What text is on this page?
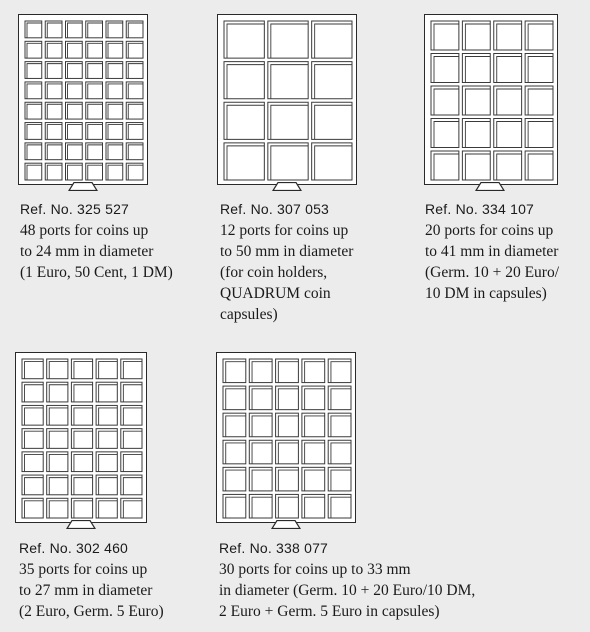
Ref. No. 325 527
48 ports for coins up
to 24 mm in diameter
(1 Euro, 50 Cent, 1 DM)
Ref. No. 307 053
12 ports for coins up
to 50 mm in diameter
(for coin holders,
QUADRUM coin
capsules)
Ref. No. 334 107
20 ports for coins up
to 41 mm in diameter
(Germ. 10 + 20 Euro/
10 DM in capsules)
Ref. No. 302 460
35 ports for coins up
to 27 mm in diameter
(2 Euro, Germ. 5 Euro)
Ref. No. 338 077
30 ports for coins up to 33 mm
in diameter (Germ. 10 + 20 Euro/10 DM,
2 Euro + Germ. 5 Euro in capsules)
